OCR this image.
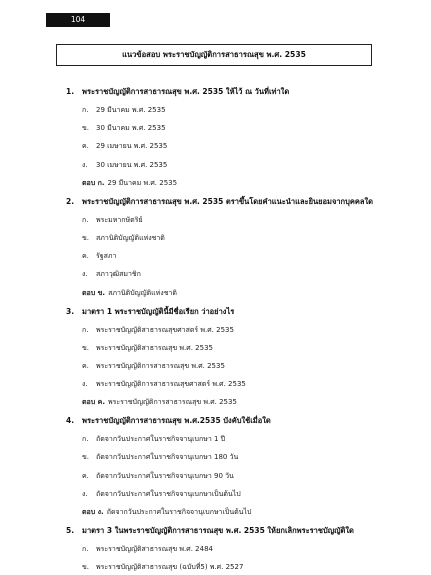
104
แนวข้อสอบ พระราชบัญญัติการสาธารณสุข พ.ศ. 2535
1.	พระราชบัญญัติการสาธารณสุข พ.ศ. 2535 ให้ไว้ ณ วันที่เท่าใด
ก.	29 มีนาคม พ.ศ. 2535
ข. 30 มีนาคม พ.ศ. 2535
ค.	29 เมษายน พ.ศ. 2535
ง.	30 เมษายน พ.ศ. 2535
ตอบ ก. 29 มีนาคม พ.ศ. 2535
2.	พระราชบัญญัติการสาธารณสุข พ.ศ. 2535 ตราขึ้นโดยคำแนะนำและยินยอมจากบุคคลใด
ก.	พระมหากษัตริย์
ข. สภานิติบัญญัติแห่งชาติ
ค.	รัฐสภา
ง.	สภาวุฒิสมาชิก
ตอบ ข. สภานิติบัญญัติแห่งชาติ
3.	มาตรา 1 พระราชบัญญัตินี้มีชื่อเรียก ว่าอย่างไร
ก.	พระราชบัญญัติสาธารณสุขศาสตร์ พ.ศ. 2535
ข. พระราชบัญญัติสาธารณสุข พ.ศ. 2535
ค.	พระราชบัญญัติการสาธารณสุข พ.ศ. 2535
ง.	พระราชบัญญัติการสาธารณสุขศาสตร์ พ.ศ. 2535
ตอบ ค. พระราชบัญญัติการสาธารณสุข พ.ศ. 2535
4.	พระราชบัญญัติการสาธารณสุข พ.ศ.2535 บังคับใช้เมื่อใด
ก.	ถัดจากวันประกาศในราชกิจจานุเบกษา 1 ปี
ข. ถัดจากวันประกาศในราชกิจจานุเบกษา 180 วัน
ค.	ถัดจากวันประกาศในราชกิจจานุเบกษา 90 วัน
ง.	ถัดจากวันประกาศในราชกิจจานุเบกษาเป็นต้นไป
ตอบ ง. ถัดจากวันประกาศในราชกิจจานุเบกษาเป็นต้นไป
5.	มาตรา 3 ในพระราชบัญญัติการสาธารณสุข พ.ศ. 2535 ให้ยกเลิกพระราชบัญญัติใด
ก.	พระราชบัญญัติสาธารณสุข พ.ศ. 2484
ข. พระราชบัญญัติสาธารณสุข (ฉบับที่5) พ.ศ. 2527
